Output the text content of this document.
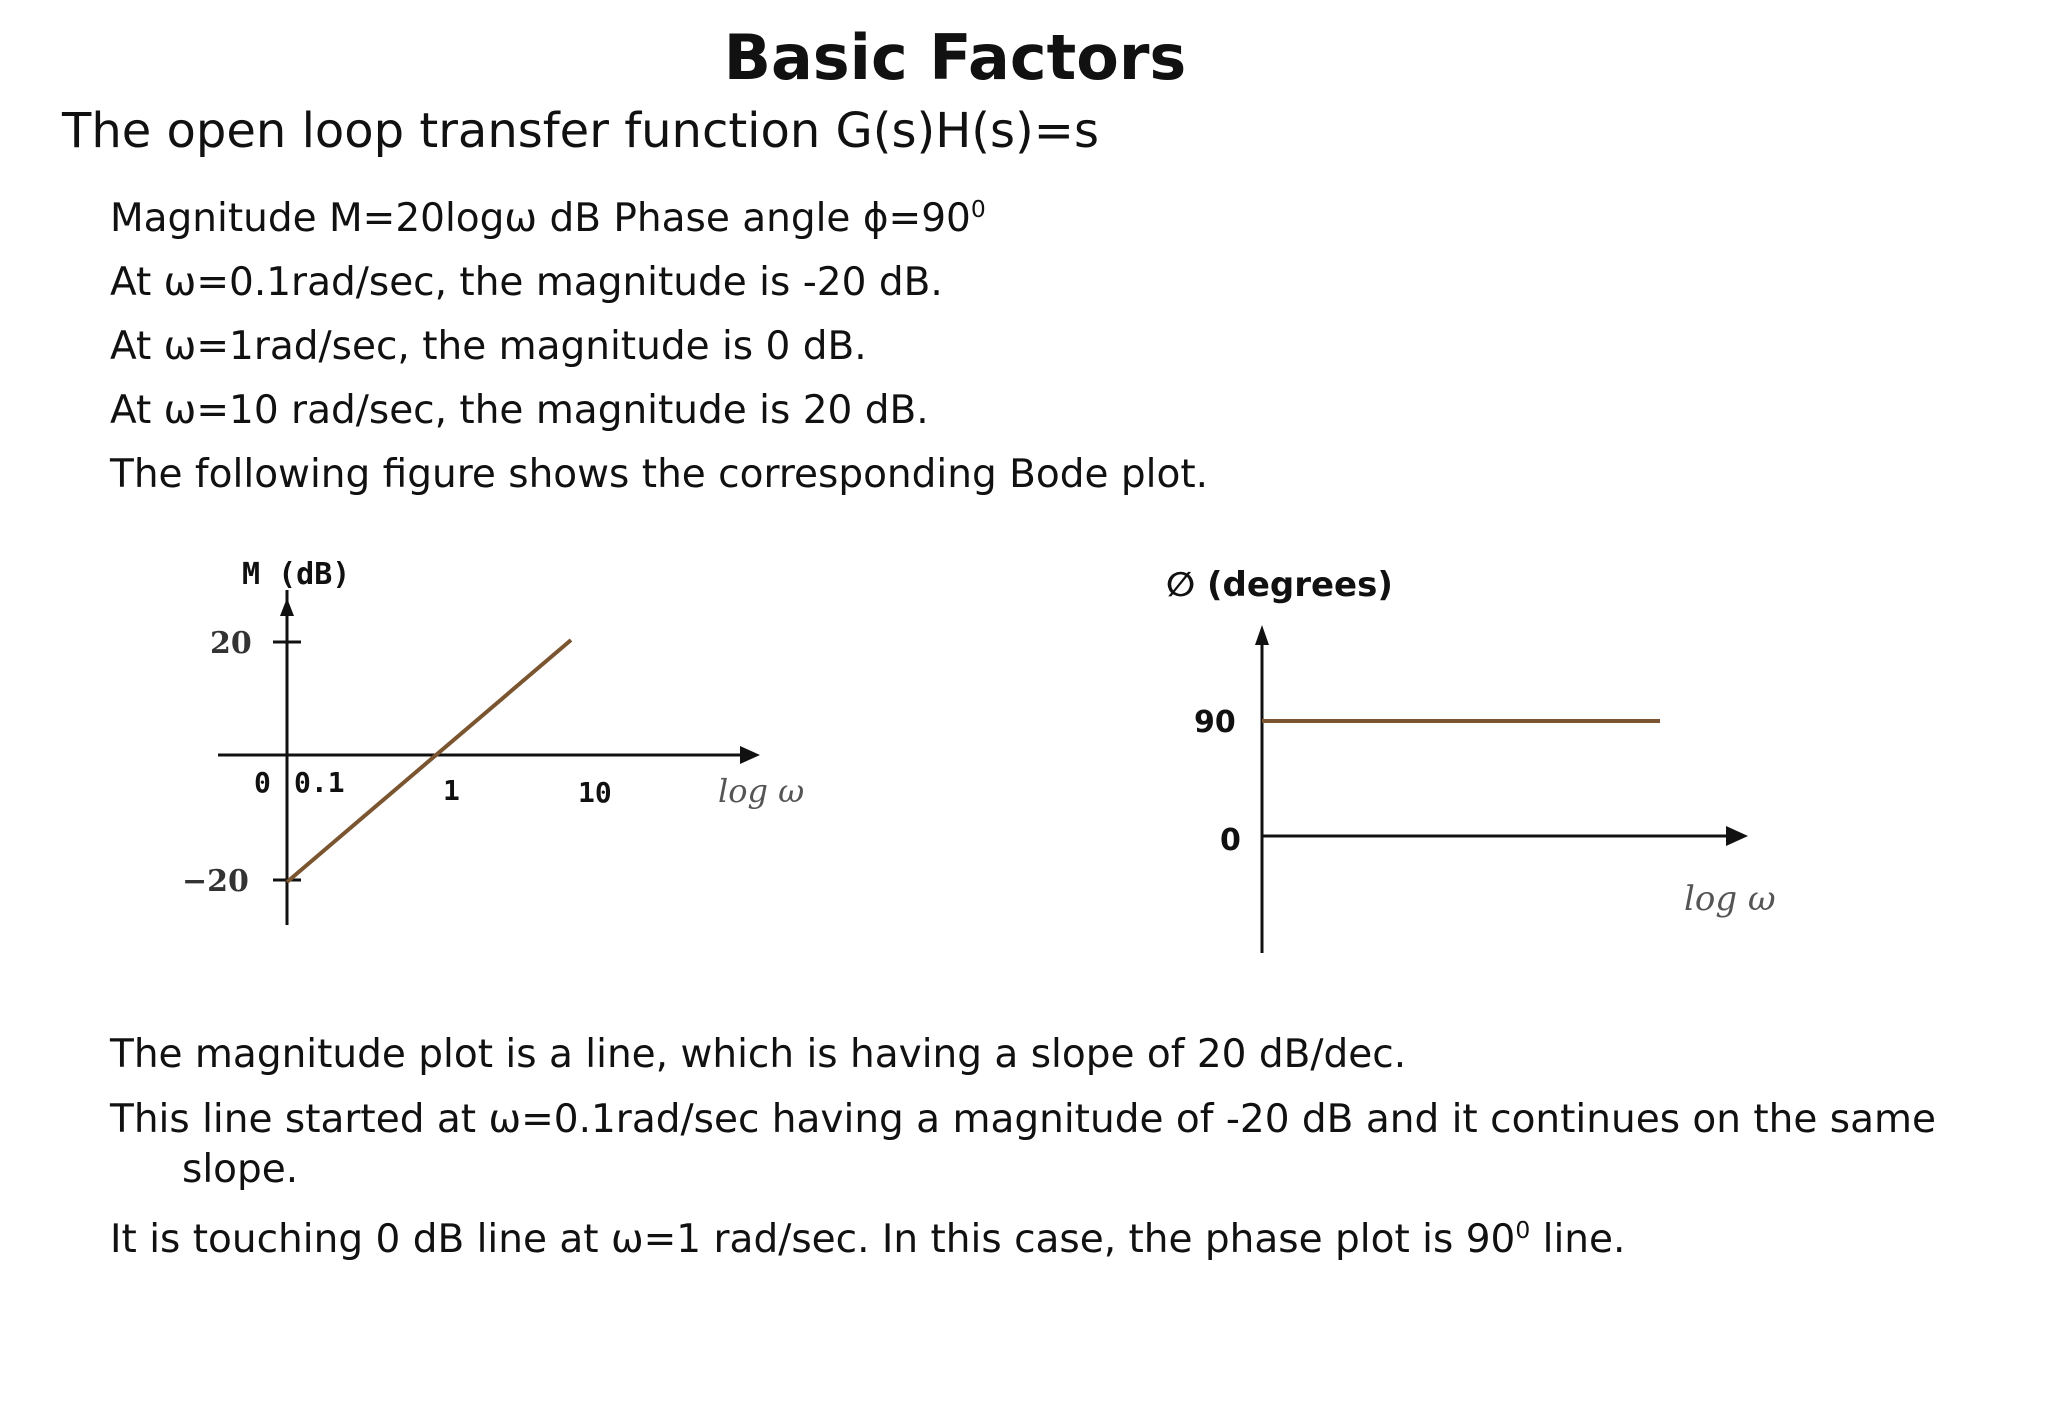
Basic Factors
The open loop transfer function G(s)H(s)=s
Magnitude M=20logω dB Phase angle $\phi=90^0$
At ω=0.1rad/sec, the magnitude is -20 dB.
At ω=1rad/sec, the magnitude is 0 dB.
At ω=10 rad/sec, the magnitude is 20 dB.
The following figure shows the corresponding Bode plot.
M (dB)
20
−20
0 0.1	1	10	log ω
∅ (degrees)
90
0
log ω
The magnitude plot is a line, which is having a slope of 20 dB/dec.
This line started at ω=0.1rad/sec having a magnitude of -20 dB and it continues on the same slope.
It is touching 0 dB line at ω=1 rad/sec. In this case, the phase plot is $90^0$ line.
